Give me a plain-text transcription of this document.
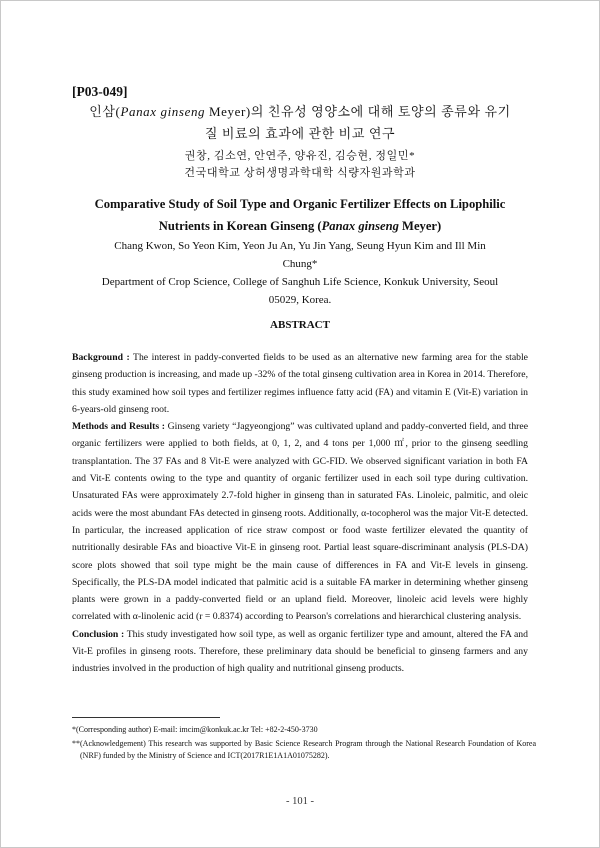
[P03-049]
인삼(Panax ginseng Meyer)의 친유성 영양소에 대해 토양의 종류와 유기
질 비료의 효과에 관한 비교 연구
권창, 김소연, 안연주, 양유진, 김승현, 정일민*
건국대학교 상허생명과학대학 식량자원과학과
Comparative Study of Soil Type and Organic Fertilizer Effects on Lipophilic
Nutrients in Korean Ginseng (Panax ginseng Meyer)
Chang Kwon, So Yeon Kim, Yeon Ju An, Yu Jin Yang, Seung Hyun Kim and Ill Min
Chung*
Department of Crop Science, College of Sanghuh Life Science, Konkuk University, Seoul
05029, Korea.
ABSTRACT

Background : The interest in paddy-converted fields to be used as an alternative new farming area for the stable ginseng production is increasing, and made up -32% of the total ginseng cultivation area in Korea in 2014. Therefore, this study examined how soil types and fertilizer regimes influence fatty acid (FA) and vitamin E (Vit-E) variation in 6-years-old ginseng root.

Methods and Results : Ginseng variety “Jagyeongjong” was cultivated upland and paddy-converted field, and three organic fertilizers were applied to both fields, at 0, 1, 2, and 4 tons per 1,000 ㎡, prior to the ginseng seedling transplantation. The 37 FAs and 8 Vit-E were analyzed with GC-FID. We observed significant variation in both FA and Vit-E contents owing to the type and quantity of organic fertilizer used in each soil type during cultivation. Unsaturated FAs were approximately 2.7-fold higher in ginseng than in saturated FAs. Linoleic, palmitic, and oleic acids were the most abundant FAs detected in ginseng roots. Additionally, α-tocopherol was the major Vit-E detected. In particular, the increased application of rice straw compost or food waste fertilizer elevated the quantity of nutritionally desirable FAs and bioactive Vit-E in ginseng root. Partial least square-discriminant analysis (PLS-DA) score plots showed that soil type might be the main cause of differences in FA and Vit-E levels in ginseng. Specifically, the PLS-DA model indicated that palmitic acid is a suitable FA marker in determining whether ginseng plants were grown in a paddy-converted field or an upland field. Moreover, linoleic acid levels were highly correlated with α-linolenic acid (r = 0.8374) according to Pearson's correlations and hierarchical clustering analysis.

Conclusion : This study investigated how soil type, as well as organic fertilizer type and amount, altered the FA and Vit-E profiles in ginseng roots. Therefore, these preliminary data should be beneficial to ginseng farmers and any industries involved in the production of high quality and nutritional ginseng products.

*(Corresponding author) E-mail: imcim@konkuk.ac.kr Tel: +82-2-450-3730
**(Acknowledgement) This research was supported by Basic Science Research Program through the National Research Foundation of Korea (NRF) funded by the Ministry of Science and ICT(2017R1E1A1A01075282).
- 101 -
